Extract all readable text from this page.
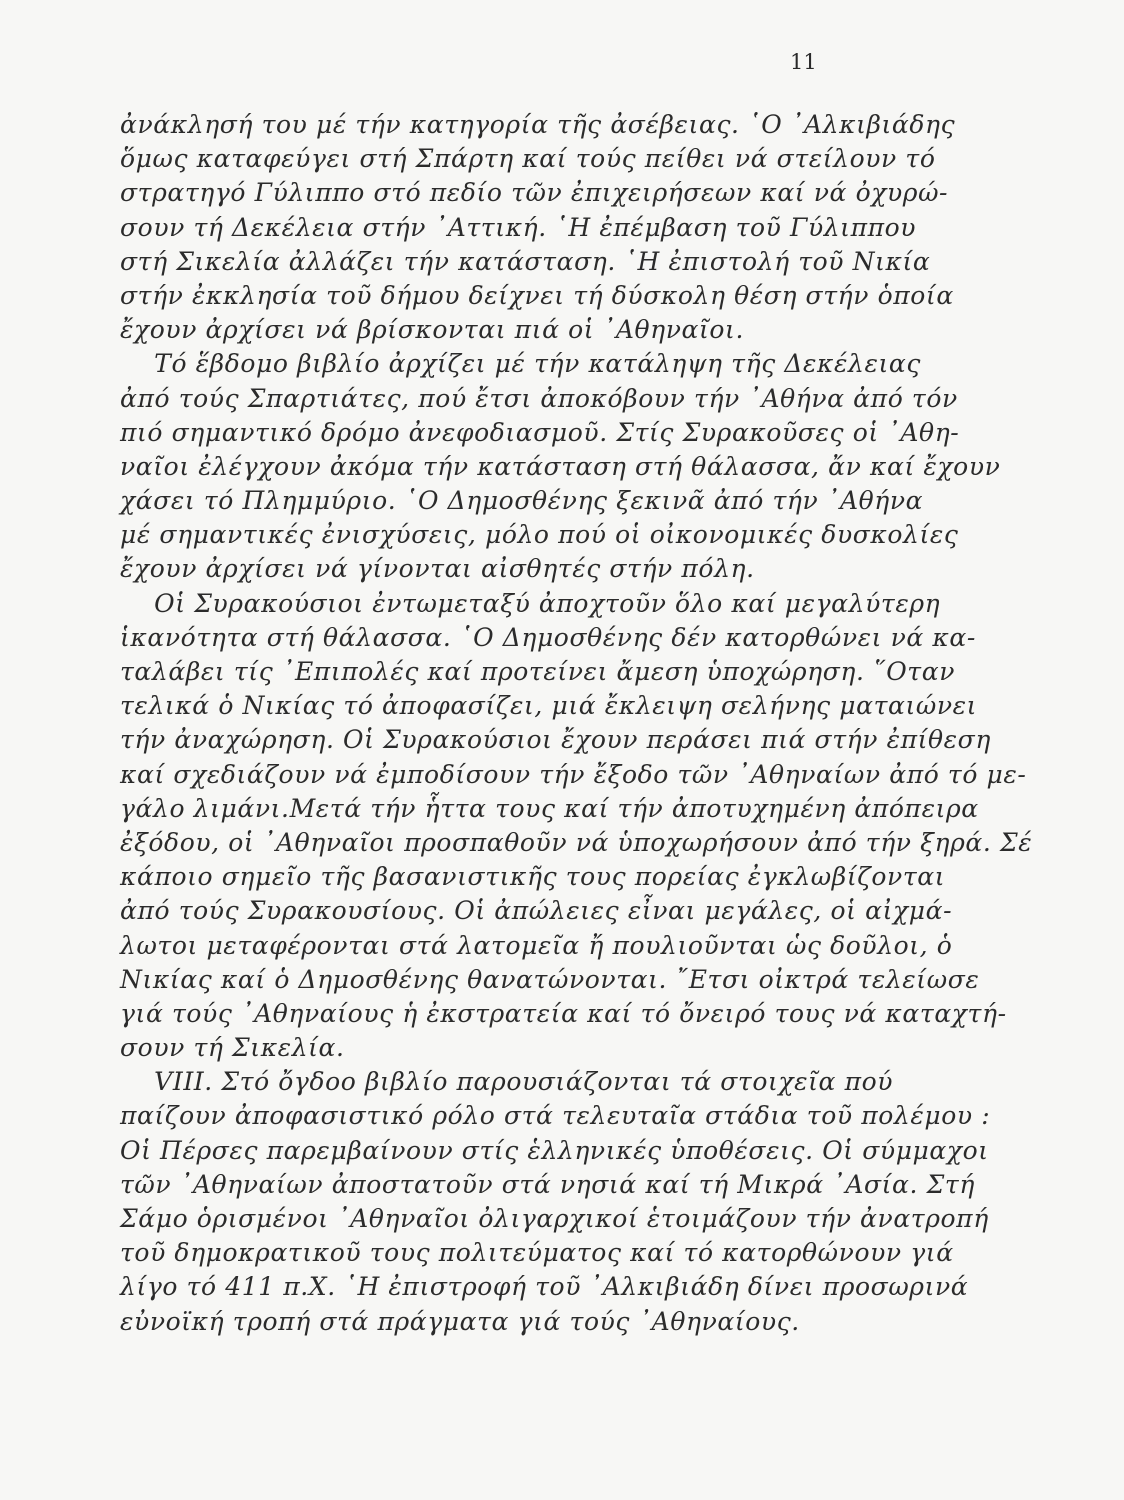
11
ἀνάκλησή του μέ τήν κατηγορία τῆς ἀσέβειας. ῾Ο ᾿Αλκιβιάδης
ὅμως καταφεύγει στή Σπάρτη καί τούς πείθει νά στείλουν τό
στρατηγό Γύλιππο στό πεδίο τῶν ἐπιχειρήσεων καί νά ὀχυρώ-
σουν τή Δεκέλεια στήν ᾿Αττική. ῾Η ἐπέμβαση τοῦ Γύλιππου
στή Σικελία ἀλλάζει τήν κατάσταση. ῾Η ἐπιστολή τοῦ Νικία
στήν ἐκκλησία τοῦ δήμου δείχνει τή δύσκολη θέση στήν ὁποία
ἔχουν ἀρχίσει νά βρίσκονται πιά οἱ ᾿Αθηναῖοι.
Τό ἕβδομο βιβλίο ἀρχίζει μέ τήν κατάληψη τῆς Δεκέλειας
ἀπό τούς Σπαρτιάτες, πού ἔτσι ἀποκόβουν τήν ᾿Αθήνα ἀπό τόν
πιό σημαντικό δρόμο ἀνεφοδιασμοῦ. Στίς Συρακοῦσες οἱ ᾿Αθη-
ναῖοι ἐλέγχουν ἀκόμα τήν κατάσταση στή θάλασσα, ἄν καί ἔχουν
χάσει τό Πλημμύριο. ῾Ο Δημοσθένης ξεκινᾶ ἀπό τήν ᾿Αθήνα
μέ σημαντικές ἐνισχύσεις, μόλο πού οἱ οἰκονομικές δυσκολίες
ἔχουν ἀρχίσει νά γίνονται αἰσθητές στήν πόλη.
Οἱ Συρακούσιοι ἐντωμεταξύ ἀποχτοῦν ὅλο καί μεγαλύτερη
ἱκανότητα στή θάλασσα. ῾Ο Δημοσθένης δέν κατορθώνει νά κα-
ταλάβει τίς ᾿Επιπολές καί προτείνει ἄμεση ὑποχώρηση. ῞Οταν
τελικά ὁ Νικίας τό ἀποφασίζει, μιά ἔκλειψη σελήνης ματαιώνει
τήν ἀναχώρηση. Οἱ Συρακούσιοι ἔχουν περάσει πιά στήν ἐπίθεση
καί σχεδιάζουν νά ἐμποδίσουν τήν ἔξοδο τῶν ᾿Αθηναίων ἀπό τό με-
γάλο λιμάνι.Μετά τήν ἧττα τους καί τήν ἀποτυχημένη ἀπόπειρα
ἐξόδου, οἱ ᾿Αθηναῖοι προσπαθοῦν νά ὑποχωρήσουν ἀπό τήν ξηρά. Σέ
κάποιο σημεῖο τῆς βασανιστικῆς τους πορείας ἐγκλωβίζονται
ἀπό τούς Συρακουσίους. Οἱ ἀπώλειες εἶναι μεγάλες, οἱ αἰχμά-
λωτοι μεταφέρονται στά λατομεῖα ἤ πουλιοῦνται ὡς δοῦλοι, ὁ
Νικίας καί ὁ Δημοσθένης θανατώνονται. ῎Ετσι οἰκτρά τελείωσε
γιά τούς ᾿Αθηναίους ἡ ἐκστρατεία καί τό ὄνειρό τους νά καταχτή-
σουν τή Σικελία.
VIII. Στό ὄγδοο βιβλίο παρουσιάζονται τά στοιχεῖα πού
παίζουν ἀποφασιστικό ρόλο στά τελευταῖα στάδια τοῦ πολέμου :
Οἱ Πέρσες παρεμβαίνουν στίς ἑλληνικές ὑποθέσεις. Οἱ σύμμαχοι
τῶν ᾿Αθηναίων ἀποστατοῦν στά νησιά καί τή Μικρά ᾿Ασία. Στή
Σάμο ὁρισμένοι ᾿Αθηναῖοι ὀλιγαρχικοί ἑτοιμάζουν τήν ἀνατροπή
τοῦ δημοκρατικοῦ τους πολιτεύματος καί τό κατορθώνουν γιά
λίγο τό 411 π.Χ. ῾Η ἐπιστροφή τοῦ ᾿Αλκιβιάδη δίνει προσωρινά
εὐνοϊκή τροπή στά πράγματα γιά τούς ᾿Αθηναίους.
